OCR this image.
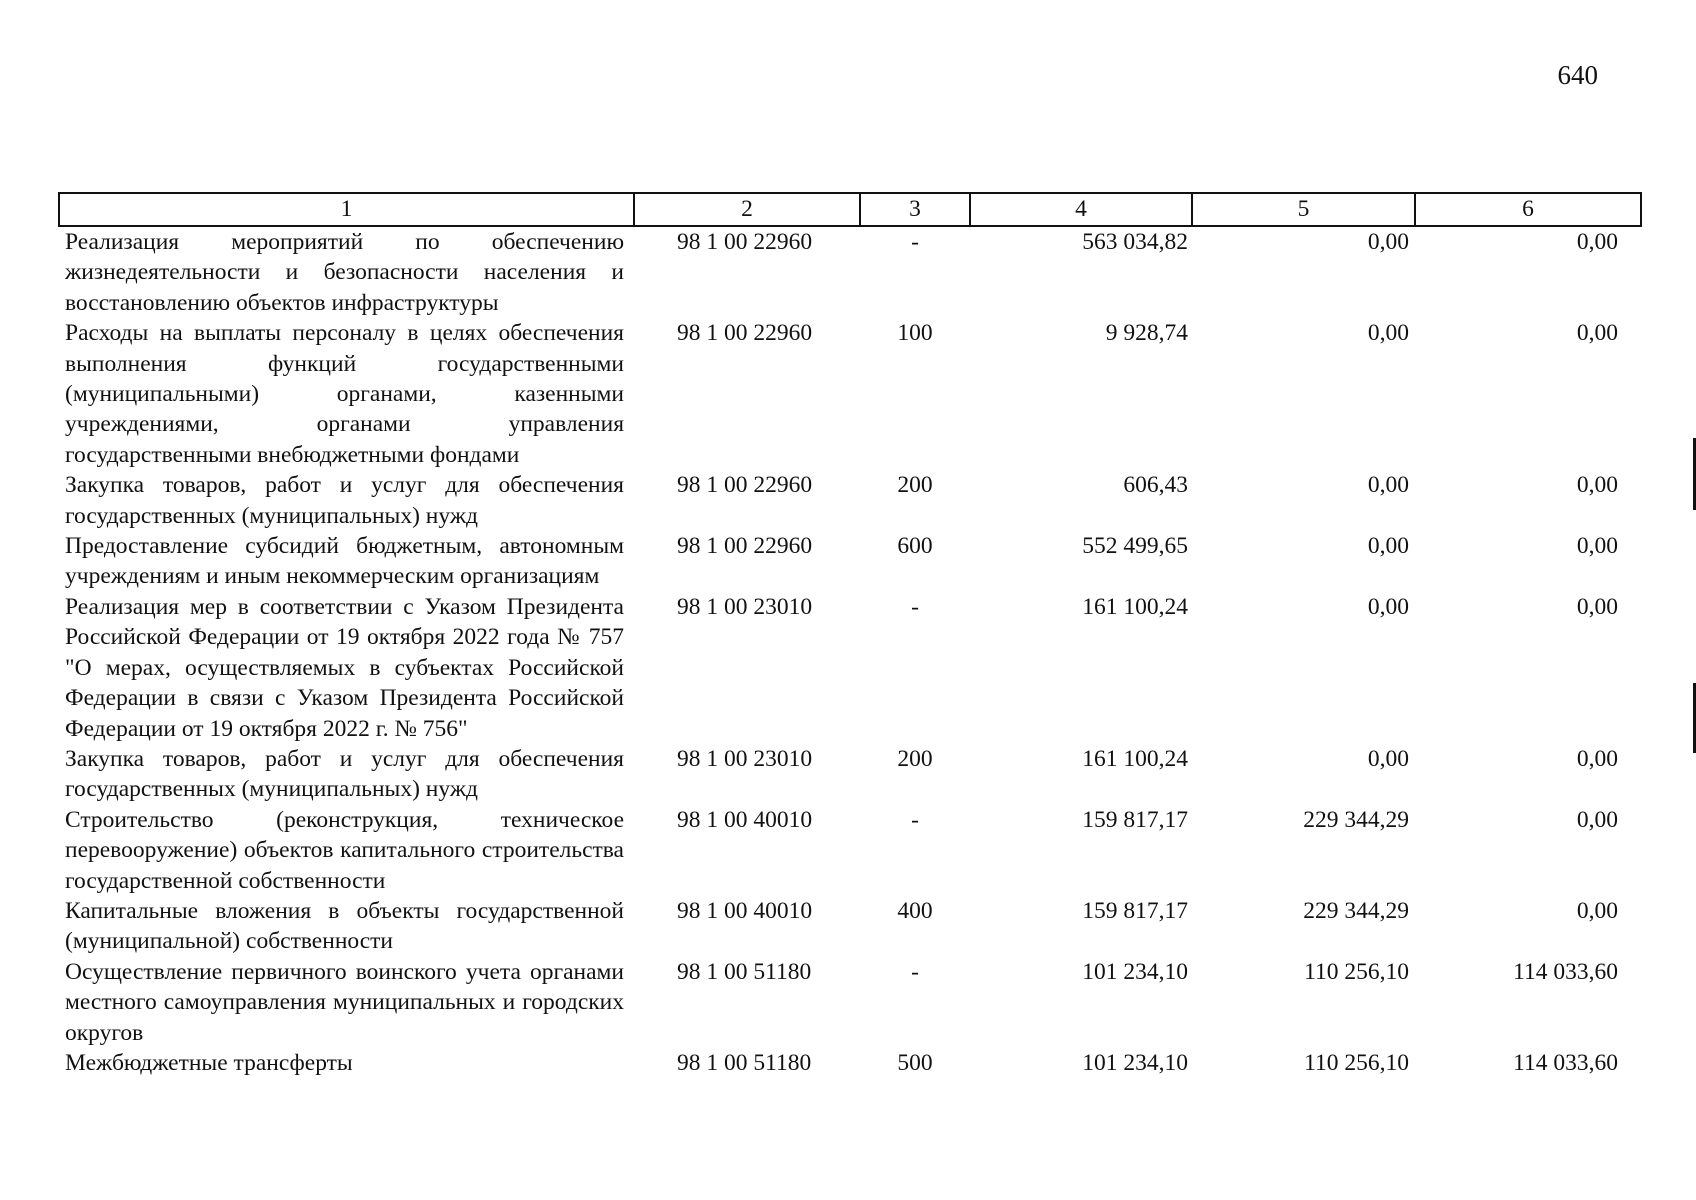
640
1	2	3	4	5	6
Реализация мероприятий по обеспечению жизнедеятельности и безопасности населения и восстановлению объектов инфраструктуры	98 1 00 22960	-	563 034,82	0,00	0,00
Расходы на выплаты персоналу в целях обеспечения выполнения функций государственными (муниципальными) органами, казенными учреждениями, органами управления государственными внебюджетными фондами	98 1 00 22960	100	9 928,74	0,00	0,00
Закупка товаров, работ и услуг для обеспечения государственных (муниципальных) нужд	98 1 00 22960	200	606,43	0,00	0,00
Предоставление субсидий бюджетным, автономным учреждениям и иным некоммерческим организациям	98 1 00 22960	600	552 499,65	0,00	0,00
Реализация мер в соответствии с Указом Президента Российской Федерации от 19 октября 2022 года № 757 "О мерах, осуществляемых в субъектах Российской Федерации в связи с Указом Президента Российской Федерации от 19 октября 2022 г. № 756"	98 1 00 23010	-	161 100,24	0,00	0,00
Закупка товаров, работ и услуг для обеспечения государственных (муниципальных) нужд	98 1 00 23010	200	161 100,24	0,00	0,00
Строительство (реконструкция, техническое перевооружение) объектов капитального строительства государственной собственности	98 1 00 40010	-	159 817,17	229 344,29	0,00
Капитальные вложения в объекты государственной (муниципальной) собственности	98 1 00 40010	400	159 817,17	229 344,29	0,00
Осуществление первичного воинского учета органами местного самоуправления муниципальных и городских округов	98 1 00 51180	-	101 234,10	110 256,10	114 033,60
Межбюджетные трансферты	98 1 00 51180	500	101 234,10	110 256,10	114 033,60
